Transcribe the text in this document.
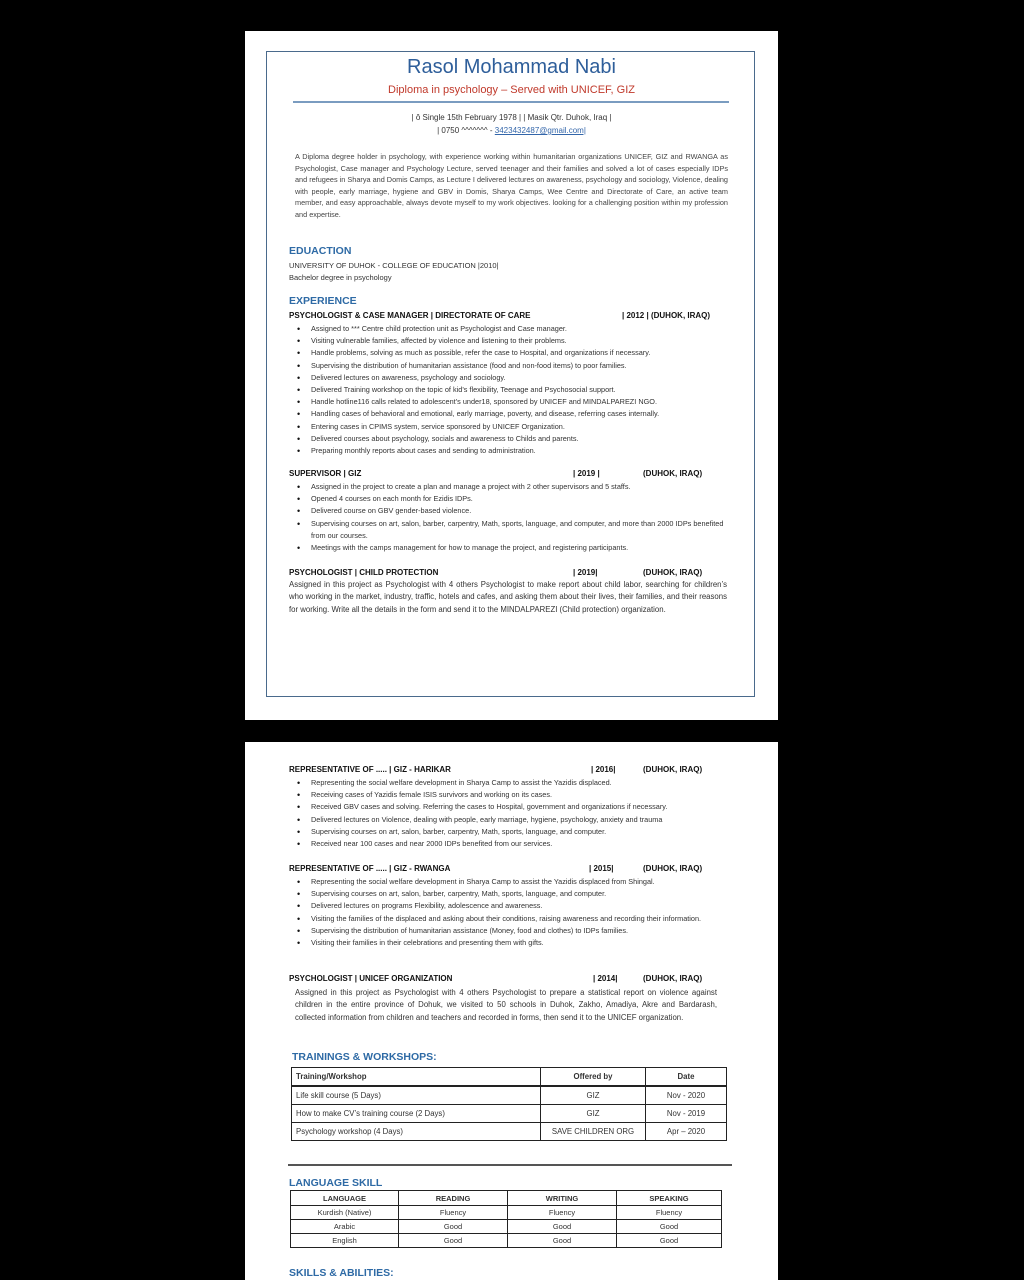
Rasol Mohammad Nabi
Diploma in psychology – Served with UNICEF, GIZ
| ô Single 15th February 1978 | | Masik Qtr. Duhok, Iraq |
| 0750 ^^^^^^^ - 3423432487@gmail.com|
A Diploma degree holder in psychology, with experience working within humanitarian organizations UNICEF, GIZ and RWANGA as Psychologist, Case manager and Psychology Lecture, served teenager and their families and solved a lot of cases especially IDPs and refugees in Sharya and Domis Camps, as Lecture I delivered lectures on awareness, psychology and sociology, Violence, dealing with people, early marriage, hygiene and GBV in Domis, Sharya Camps, Wee Centre and Directorate of Care, an active team member, and easy approachable, always devote myself to my work objectives. looking for a challenging position within my profession and expertise.
EDUACTION
UNIVERSITY OF DUHOK - COLLEGE OF EDUCATION |2010|
Bachelor degree in psychology
EXPERIENCE
PSYCHOLOGIST & CASE MANAGER | DIRECTORATE OF CARE	| 2012 | (DUHOK, IRAQ)
• Assigned to *** Centre child protection unit as Psychologist and Case manager.
• Visiting vulnerable families, affected by violence and listening to their problems.
• Handle problems, solving as much as possible, refer the case to Hospital, and organizations if necessary.
• Supervising the distribution of humanitarian assistance (food and non-food items) to poor families.
• Delivered lectures on awareness, psychology and sociology.
• Delivered Training workshop on the topic of kid’s flexibility, Teenage and Psychosocial support.
• Handle hotline116 calls related to adolescent’s under18, sponsored by UNICEF and MINDALPAREZI NGO.
• Handling cases of behavioral and emotional, early marriage, poverty, and disease, referring cases internally.
• Entering cases in CPIMS system, service sponsored by UNICEF Organization.
• Delivered courses about psychology, socials and awareness to Childs and parents.
• Preparing monthly reports about cases and sending to administration.
SUPERVISOR | GIZ	| 2019 |	(DUHOK, IRAQ)
• Assigned in the project to create a plan and manage a project with 2 other supervisors and 5 staffs.
• Opened 4 courses on each month for Ezidis IDPs.
• Delivered course on GBV gender-based violence.
• Supervising courses on art, salon, barber, carpentry, Math, sports, language, and computer, and more than 2000 IDPs benefited from our courses.
• Meetings with the camps management for how to manage the project, and registering participants.
PSYCHOLOGIST | CHILD PROTECTION	| 2019|	(DUHOK, IRAQ)
Assigned in this project as Psychologist with 4 others Psychologist to make report about child labor, searching for children’s who working in the market, industry, traffic, hotels and cafes, and asking them about their lives, their families, and their reasons for working. Write all the details in the form and send it to the MINDALPAREZI (Child protection) organization.
REPRESENTATIVE OF ..... | GIZ - HARIKAR	| 2016|	(DUHOK, IRAQ)
• Representing the social welfare development in Sharya Camp to assist the Yazidis displaced.
• Receiving cases of Yazidis female ISIS survivors and working on its cases.
• Received GBV cases and solving. Referring the cases to Hospital, government and organizations if necessary.
• Delivered lectures on Violence, dealing with people, early marriage, hygiene, psychology, anxiety and trauma
• Supervising courses on art, salon, barber, carpentry, Math, sports, language, and computer.
• Received near 100 cases and near 2000 IDPs benefited from our services.
REPRESENTATIVE OF ..... | GIZ - RWANGA	| 2015|	(DUHOK, IRAQ)
• Representing the social welfare development in Sharya Camp to assist the Yazidis displaced from Shingal.
• Supervising courses on art, salon, barber, carpentry, Math, sports, language, and computer.
• Delivered lectures on programs Flexibility, adolescence and awareness.
• Visiting the families of the displaced and asking about their conditions, raising awareness and recording their information.
• Supervising the distribution of humanitarian assistance (Money, food and clothes) to IDPs families.
• Visiting their families in their celebrations and presenting them with gifts.
PSYCHOLOGIST | UNICEF ORGANIZATION	| 2014|	(DUHOK, IRAQ)
Assigned in this project as Psychologist with 4 others Psychologist to prepare a statistical report on violence against children in the entire province of Dohuk, we visited to 50 schools in Duhok, Zakho, Amadiya, Akre and Bardarash, collected information from children and teachers and recorded in forms, then send it to the UNICEF organization.
TRAININGS & WORKSHOPS:
Training/Workshop	Offered by	Date
Life skill course (5 Days)	GIZ	Nov - 2020
How to make CV’s training course (2 Days)	GIZ	Nov - 2019
Psychology workshop (4 Days)	SAVE CHILDREN ORG	Apr – 2020
LANGUAGE SKILL
LANGUAGE	READING	WRITING	SPEAKING
Kurdish (Native)	Fluency	Fluency	Fluency
Arabic	Good	Good	Good
English	Good	Good	Good
SKILLS & ABILITIES:
